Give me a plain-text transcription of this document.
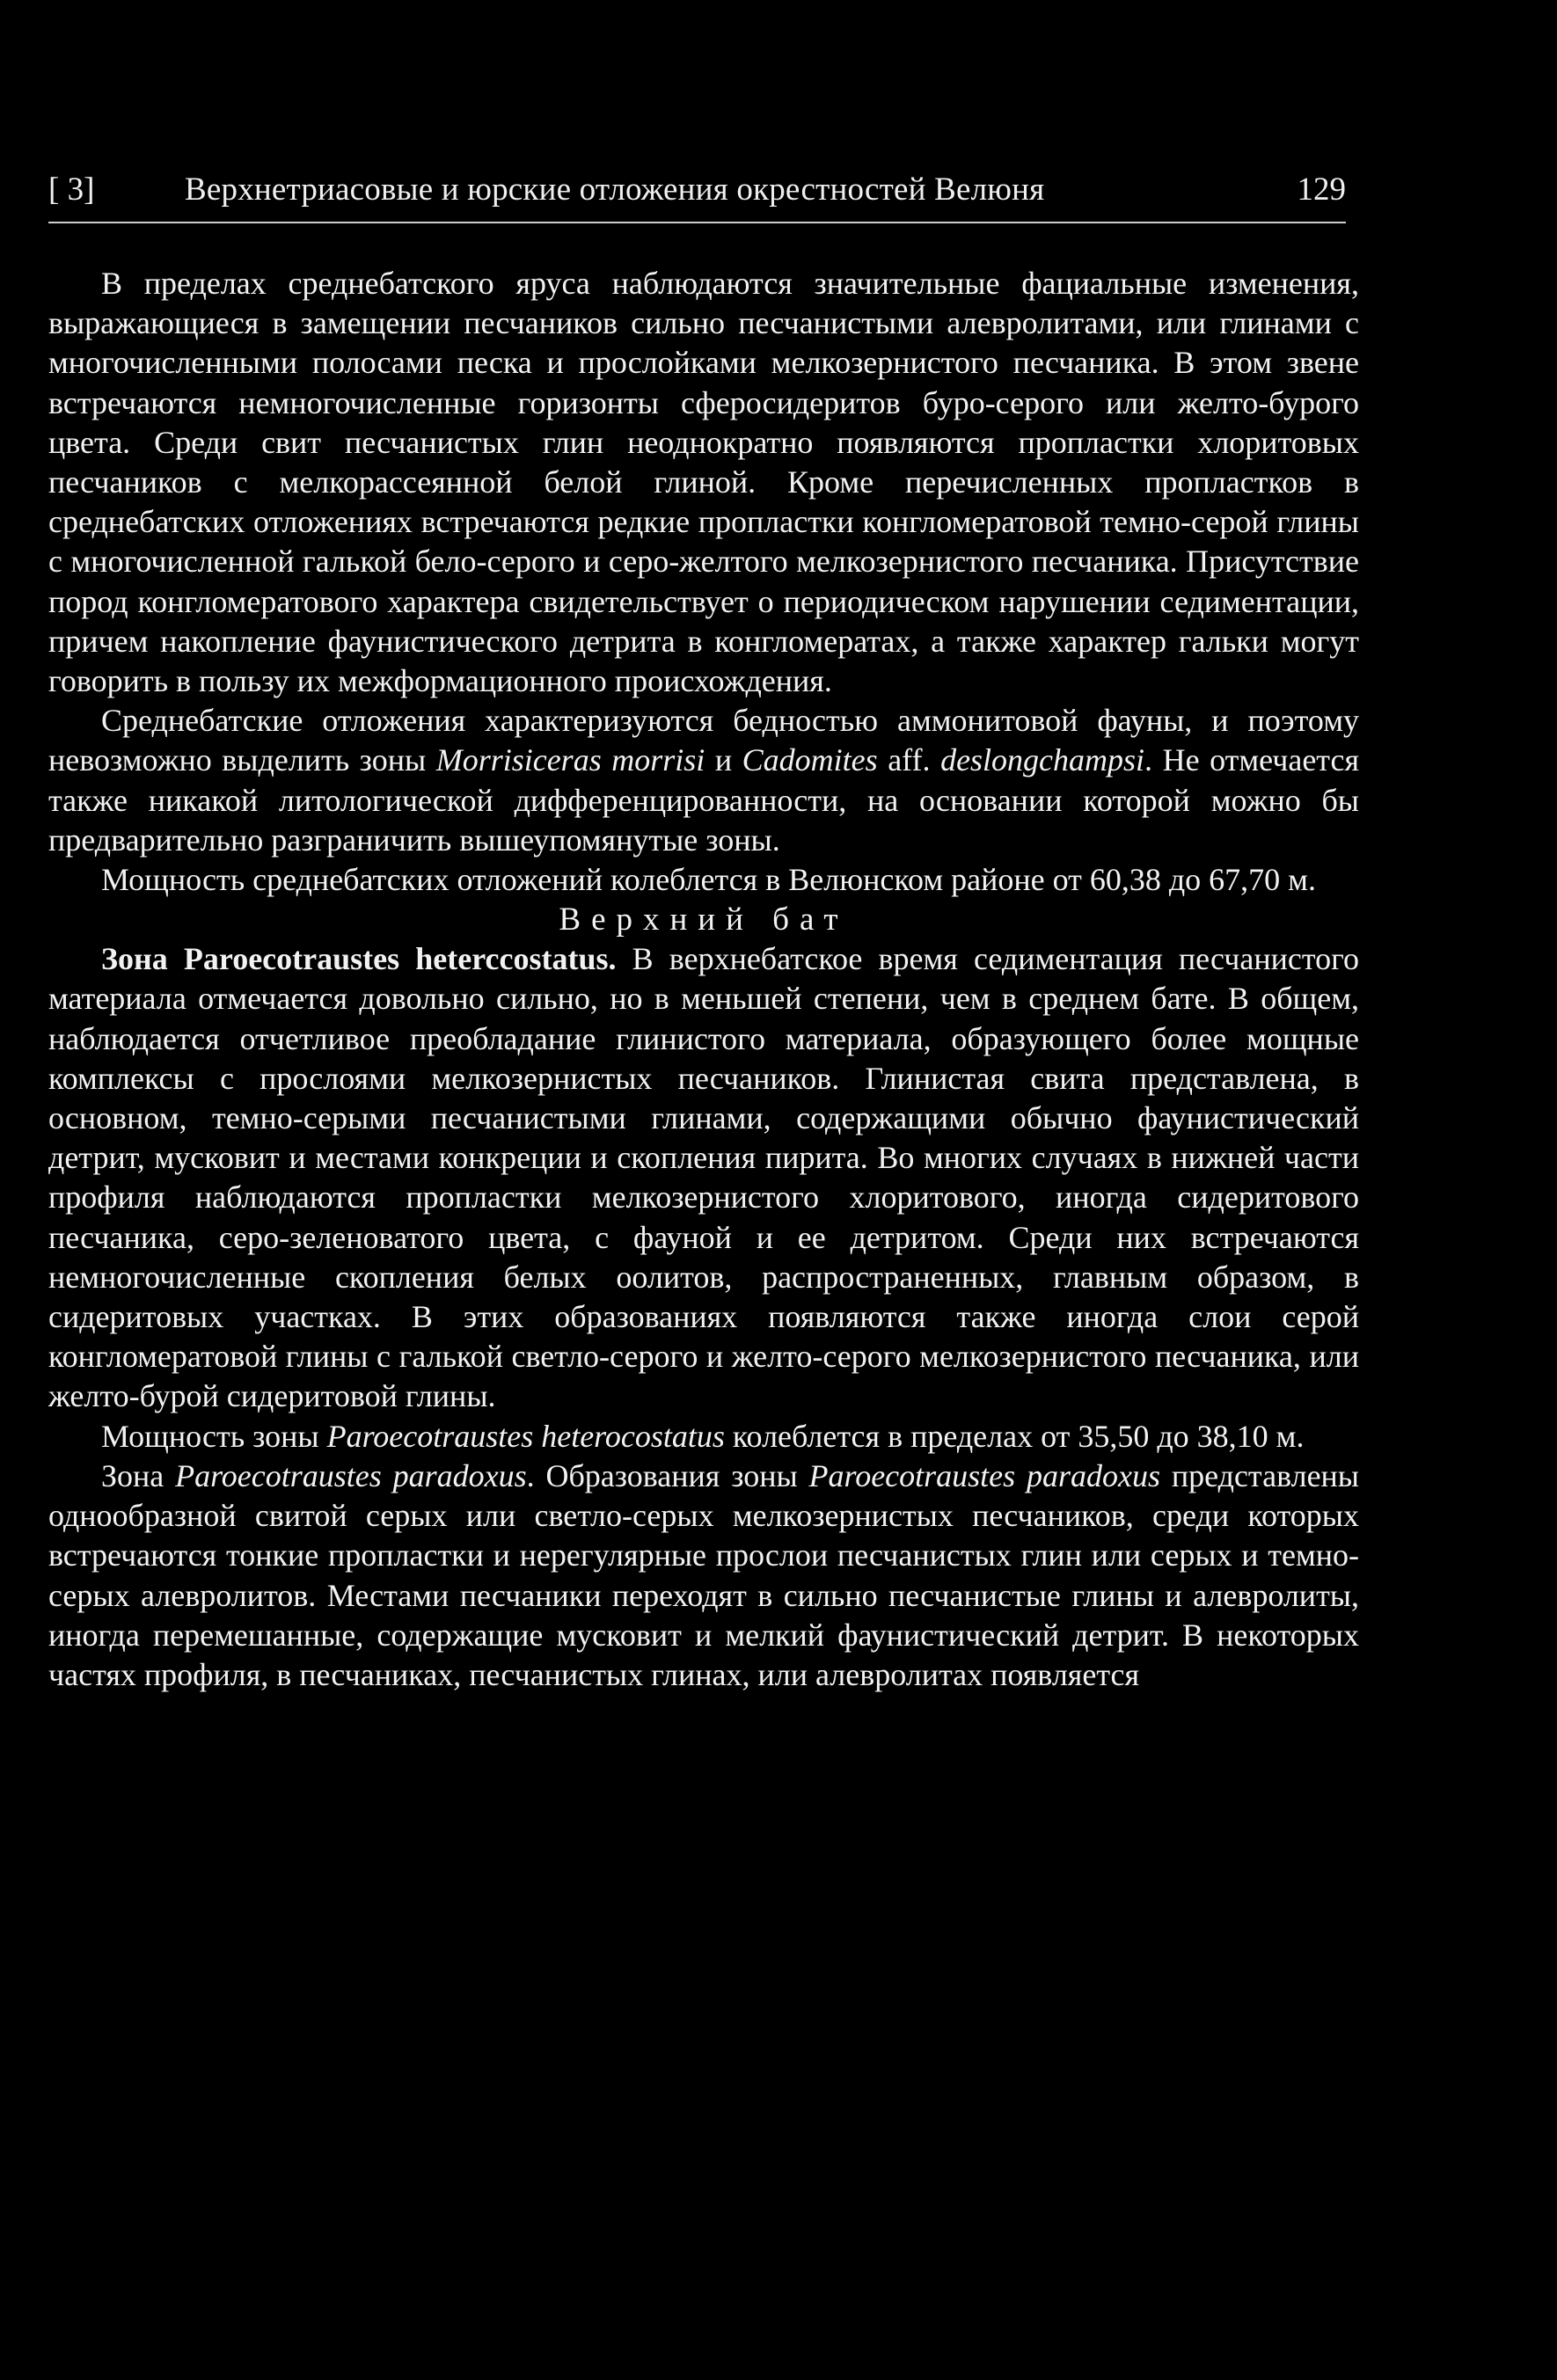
[ 3]	Верхнетриасовые и юрские отложения окрестностей Велюня	129

В пределах среднебатского яруса наблюдаются значительные фациальные изменения, выражающиеся в замещении песчаников сильно песчанистыми алевролитами, или глинами с многочисленными полосами песка и прослойками мелкозернистого песчаника. В этом звене встречаются немногочисленные горизонты сферосидеритов буро-серого или желто-бурого цвета. Среди свит песчанистых глин неоднократно появляются пропластки хлоритовых песчаников с мелкорассеянной белой глиной. Кроме перечисленных пропластков в среднебатских отложениях встречаются редкие пропластки конгломератовой темно-серой глины с многочисленной галькой бело-серого и серо-желтого мелкозернистого песчаника. Присутствие пород конгломератового характера свидетельствует о периодическом нарушении седиментации, причем накопление фаунистического детрита в конгломератах, а также характер гальки могут говорить в пользу их межформационного происхождения.

Среднебатские отложения характеризуются бедностью аммонитовой фауны, и поэтому невозможно выделить зоны Morrisiceras morrisi и Cadomites aff. deslongchampsi. Не отмечается также никакой литологической дифференцированности, на основании которой можно бы предварительно разграничить вышеупомянутые зоны.

Мощность среднебатских отложений колеблется в Велюнском районе от 60,38 до 67,70 м.

Верхний бат

Зона Paroecotraustes heterccostatus. В верхнебатское время седиментация песчанистого материала отмечается довольно сильно, но в меньшей степени, чем в среднем бате. В общем, наблюдается отчетливое преобладание глинистого материала, образующего более мощные комплексы с прослоями мелкозернистых песчаников. Глинистая свита представлена, в основном, темно-серыми песчанистыми глинами, содержащими обычно фаунистический детрит, мусковит и местами конкреции и скопления пирита. Во многих случаях в нижней части профиля наблюдаются пропластки мелкозернистого хлоритового, иногда сидеритового песчаника, серо-зеленоватого цвета, с фауной и ее детритом. Среди них встречаются немногочисленные скопления белых оолитов, распространенных, главным образом, в сидеритовых участках. В этих образованиях появляются также иногда слои серой конгломератовой глины с галькой светло-серого и желто-серого мелкозернистого песчаника, или желто-бурой сидеритовой глины.

Мощность зоны Paroecotraustes heterocostatus колеблется в пределах от 35,50 до 38,10 м.

Зона Paroecotraustes paradoxus. Образования зоны Paroecotraustes paradoxus представлены однообразной свитой серых или светло-серых мелкозернистых песчаников, среди которых встречаются тонкие пропластки и нерегулярные прослои песчанистых глин или серых и темно-серых алевролитов. Местами песчаники переходят в сильно песчанистые глины и алевролиты, иногда перемешанные, содержащие мусковит и мелкий фаунистический детрит. В некоторых частях профиля, в песчаниках, песчанистых глинах, или алевролитах появляется
